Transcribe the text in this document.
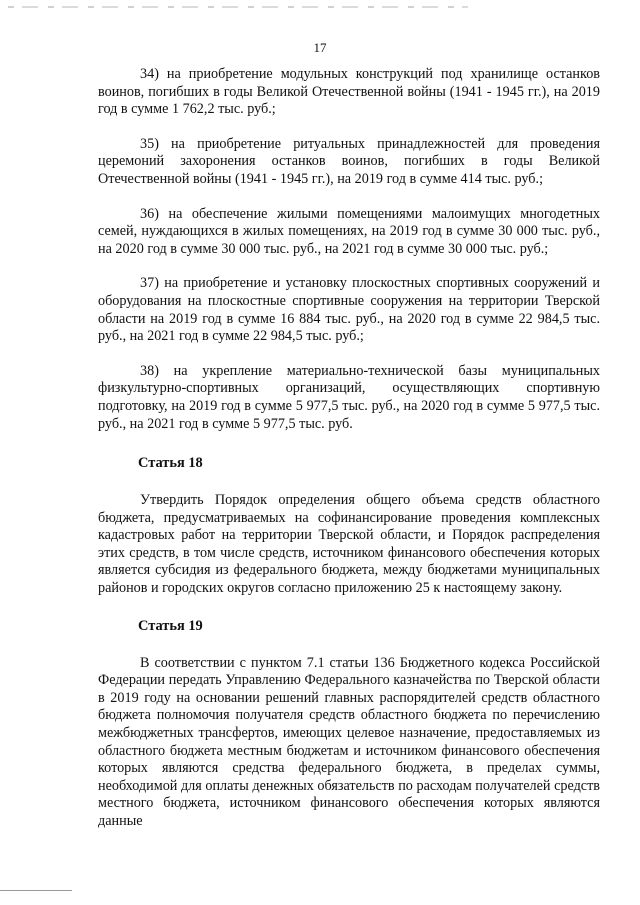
17

34) на приобретение модульных конструкций под хранилище останков воинов, погибших в годы Великой Отечественной войны (1941 - 1945 гг.), на 2019 год в сумме 1 762,2 тыс. руб.;

35) на приобретение ритуальных принадлежностей для проведения церемоний захоронения останков воинов, погибших в годы Великой Отечественной войны (1941 - 1945 гг.), на 2019 год в сумме 414 тыс. руб.;

36) на обеспечение жилыми помещениями малоимущих многодетных семей, нуждающихся в жилых помещениях, на 2019 год в сумме 30 000 тыс. руб., на 2020 год в сумме 30 000 тыс. руб., на 2021 год в сумме 30 000 тыс. руб.;

37) на приобретение и установку плоскостных спортивных сооружений и оборудования на плоскостные спортивные сооружения на территории Тверской области на 2019 год в сумме 16 884 тыс. руб., на 2020 год в сумме 22 984,5 тыс. руб., на 2021 год в сумме 22 984,5 тыс. руб.;

38) на укрепление материально-технической базы муниципальных физкультурно-спортивных организаций, осуществляющих спортивную подготовку, на 2019 год в сумме 5 977,5 тыс. руб., на 2020 год в сумме 5 977,5 тыс. руб., на 2021 год в сумме 5 977,5 тыс. руб.

Статья 18

Утвердить Порядок определения общего объема средств областного бюджета, предусматриваемых на софинансирование проведения комплексных кадастровых работ на территории Тверской области, и Порядок распределения этих средств, в том числе средств, источником финансового обеспечения которых является субсидия из федерального бюджета, между бюджетами муниципальных районов и городских округов согласно приложению 25 к настоящему закону.

Статья 19

В соответствии с пунктом 7.1 статьи 136 Бюджетного кодекса Российской Федерации передать Управлению Федерального казначейства по Тверской области в 2019 году на основании решений главных распорядителей средств областного бюджета полномочия получателя средств областного бюджета по перечислению межбюджетных трансфертов, имеющих целевое назначение, предоставляемых из областного бюджета местным бюджетам и источником финансового обеспечения которых являются средства федерального бюджета, в пределах суммы, необходимой для оплаты денежных обязательств по расходам получателей средств местного бюджета, источником финансового обеспечения которых являются данные
